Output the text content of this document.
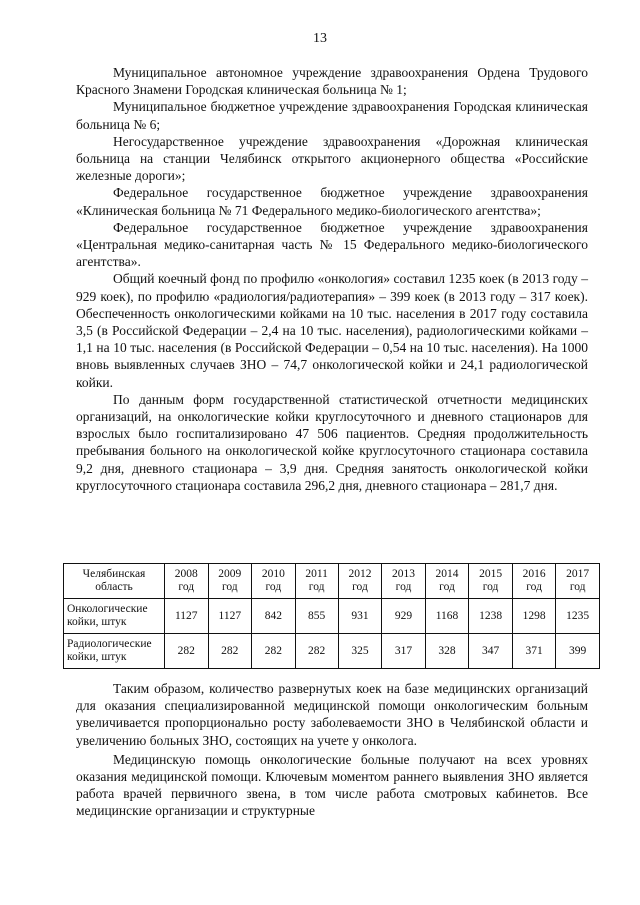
13

Муниципальное автономное учреждение здравоохранения Ордена Трудового Красного Знамени Городская клиническая больница № 1;

Муниципальное бюджетное учреждение здравоохранения Городская клиническая больница № 6;

Негосударственное учреждение здравоохранения «Дорожная клиническая больница на станции Челябинск открытого акционерного общества «Российские железные дороги»;

Федеральное государственное бюджетное учреждение здравоохранения «Клиническая больница № 71 Федерального медико-биологического агентства»;

Федеральное государственное бюджетное учреждение здравоохранения «Центральная медико-санитарная часть № 15 Федерального медико-биологического агентства».

Общий коечный фонд по профилю «онкология» составил 1235 коек (в 2013 году – 929 коек), по профилю «радиология/радиотерапия» – 399 коек (в 2013 году – 317 коек). Обеспеченность онкологическими койками на 10 тыс. населения в 2017 году составила 3,5 (в Российской Федерации – 2,4 на 10 тыс. населения), радиологическими койками – 1,1 на 10 тыс. населения (в Российской Федерации – 0,54 на 10 тыс. населения). На 1000 вновь выявленных случаев ЗНО – 74,7 онкологической койки и 24,1 радиологической койки.

По данным форм государственной статистической отчетности медицинских организаций, на онкологические койки круглосуточного и дневного стационаров для взрослых было госпитализировано 47 506 пациентов. Средняя продолжительность пребывания больного на онкологической койке круглосуточного стационара составила 9,2 дня, дневного стационара – 3,9 дня. Средняя занятость онкологической койки круглосуточного стационара составила 296,2 дня, дневного стационара – 281,7 дня.

Челябинская область	2008 год	2009 год	2010 год	2011 год	2012 год	2013 год	2014 год	2015 год	2016 год	2017 год
Онкологические койки, штук	1127	1127	842	855	931	929	1168	1238	1298	1235
Радиологические койки, штук	282	282	282	282	325	317	328	347	371	399

Таким образом, количество развернутых коек на базе медицинских организаций для оказания специализированной медицинской помощи онкологическим больным увеличивается пропорционально росту заболеваемости ЗНО в Челябинской области и увеличению больных ЗНО, состоящих на учете у онколога.

Медицинскую помощь онкологические больные получают на всех уровнях оказания медицинской помощи. Ключевым моментом раннего выявления ЗНО является работа врачей первичного звена, в том числе работа смотровых кабинетов. Все медицинские организации и структурные
